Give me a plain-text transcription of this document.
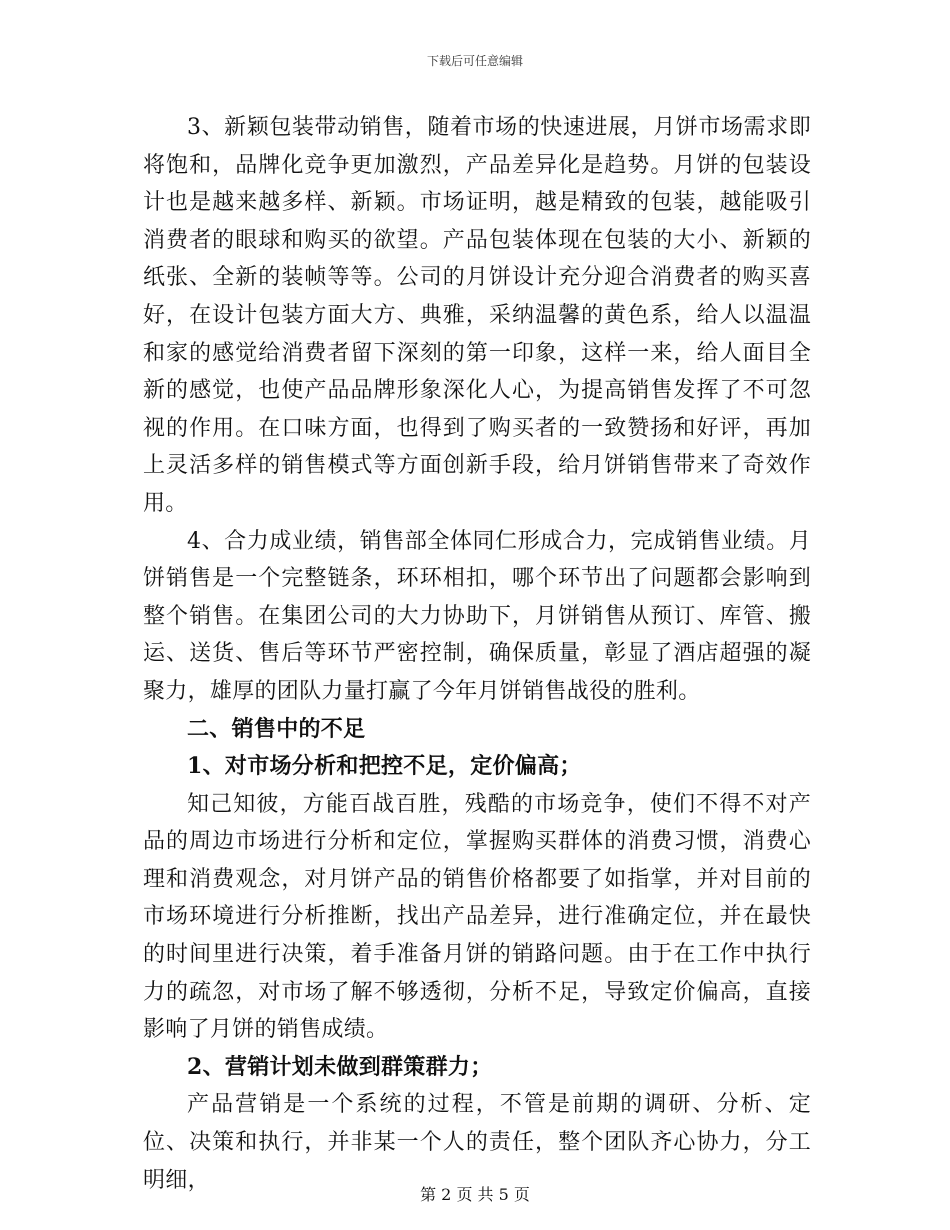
下载后可任意编辑

3、新颖包装带动销售，随着市场的快速进展，月饼市场需求即将饱和，品牌化竞争更加激烈，产品差异化是趋势。月饼的包装设计也是越来越多样、新颖。市场证明，越是精致的包装，越能吸引消费者的眼球和购买的欲望。产品包装体现在包装的大小、新颖的纸张、全新的装帧等等。公司的月饼设计充分迎合消费者的购买喜好，在设计包装方面大方、典雅，采纳温馨的黄色系，给人以温温和家的感觉给消费者留下深刻的第一印象，这样一来，给人面目全新的感觉，也使产品品牌形象深化人心，为提高销售发挥了不可忽视的作用。在口味方面，也得到了购买者的一致赞扬和好评，再加上灵活多样的销售模式等方面创新手段，给月饼销售带来了奇效作用。

4、合力成业绩，销售部全体同仁形成合力，完成销售业绩。月饼销售是一个完整链条，环环相扣，哪个环节出了问题都会影响到整个销售。在集团公司的大力协助下，月饼销售从预订、库管、搬运、送货、售后等环节严密控制，确保质量，彰显了酒店超强的凝聚力，雄厚的团队力量打赢了今年月饼销售战役的胜利。

二、销售中的不足

1、对市场分析和把控不足，定价偏高；

知己知彼，方能百战百胜，残酷的市场竞争，使们不得不对产品的周边市场进行分析和定位，掌握购买群体的消费习惯，消费心理和消费观念，对月饼产品的销售价格都要了如指掌，并对目前的市场环境进行分析推断，找出产品差异，进行准确定位，并在最快的时间里进行决策，着手准备月饼的销路问题。由于在工作中执行力的疏忽，对市场了解不够透彻，分析不足，导致定价偏高，直接影响了月饼的销售成绩。

2、营销计划未做到群策群力；

产品营销是一个系统的过程，不管是前期的调研、分析、定位、决策和执行，并非某一个人的责任，整个团队齐心协力，分工明细，

第 2 页 共 5 页
